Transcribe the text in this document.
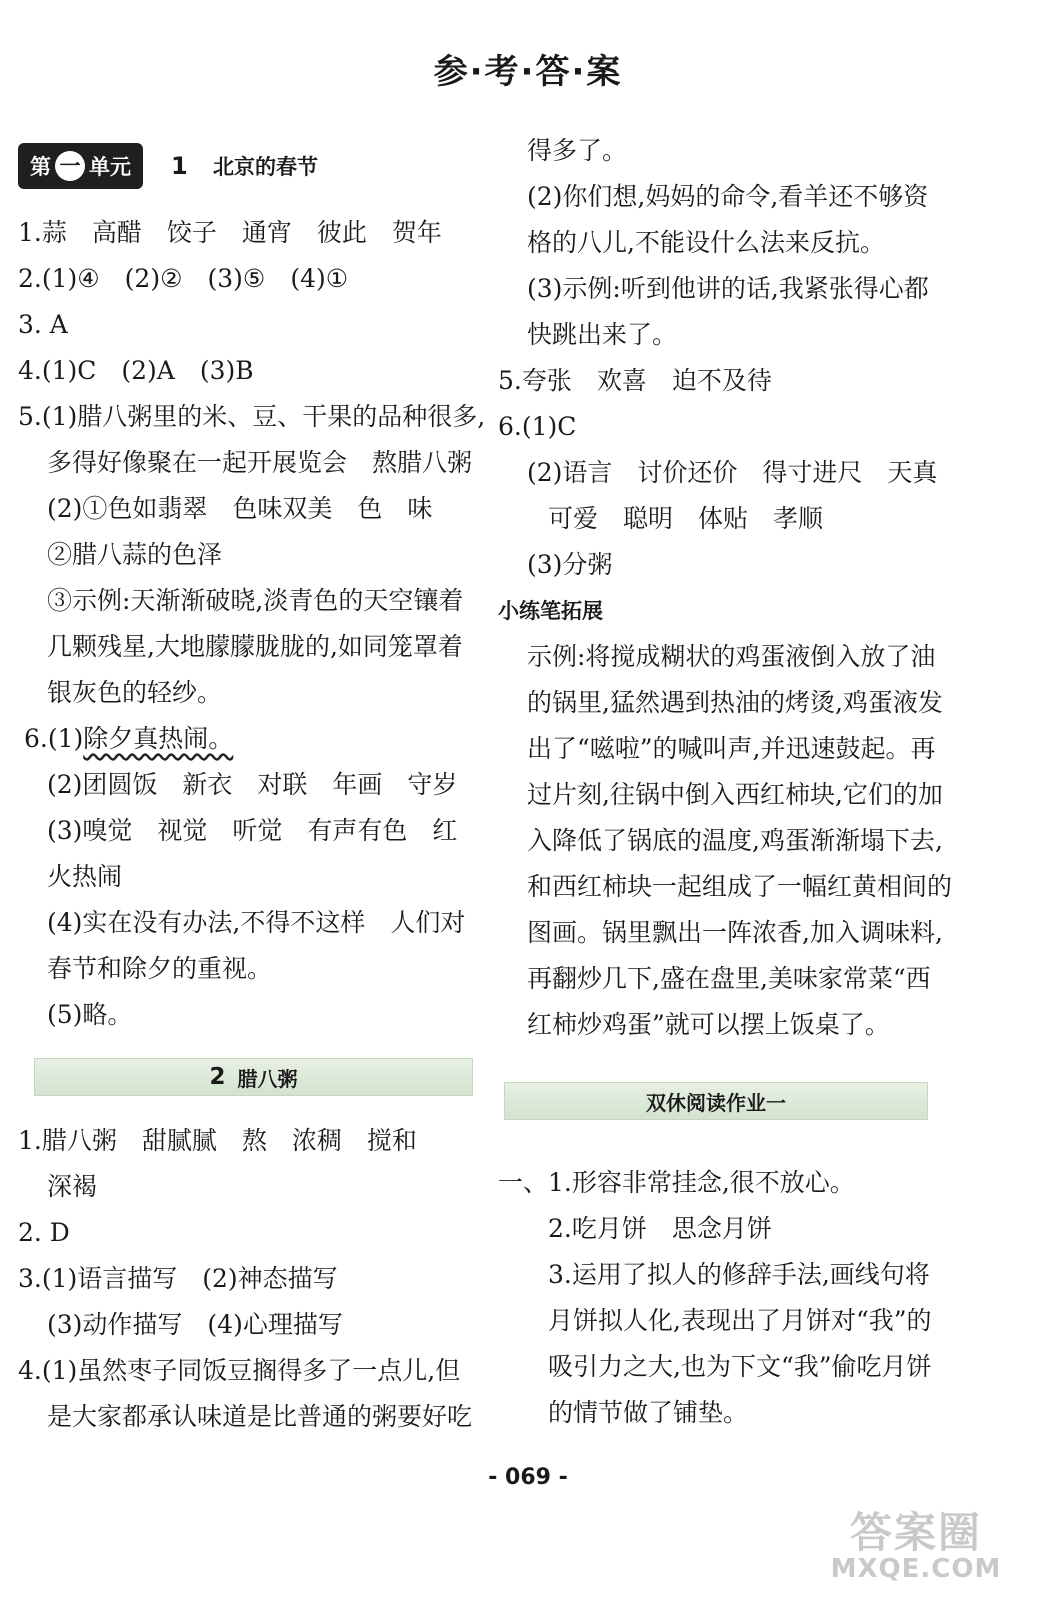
参·考·答·案
第 一 单元 1 北京的春节
1.蒜　高醋　饺子　通宵　彼此　贺年
2.(1)④　(2)②　(3)⑤　(4)①
3. A
4.(1)C　(2)A　(3)B
5.(1)腊八粥里的米、豆、干果的品种很多,
多得好像聚在一起开展览会　熬腊八粥
(2)①色如翡翠　色味双美　色　味
②腊八蒜的色泽
③示例:天渐渐破晓,淡青色的天空镶着
几颗残星,大地朦朦胧胧的,如同笼罩着
银灰色的轻纱。
6.(1)除夕真热闹。
(2)团圆饭　新衣　对联　年画　守岁
(3)嗅觉　视觉　听觉　有声有色　红
火热闹
(4)实在没有办法,不得不这样　人们对
春节和除夕的重视。
(5)略。
2 腊八粥
1.腊八粥　甜腻腻　熬　浓稠　搅和
深褐
2. D
3.(1)语言描写　(2)神态描写
(3)动作描写　(4)心理描写
4.(1)虽然枣子同饭豆搁得多了一点儿,但
是大家都承认味道是比普通的粥要好吃
得多了。
(2)你们想,妈妈的命令,看羊还不够资
格的八儿,不能设什么法来反抗。
(3)示例:听到他讲的话,我紧张得心都
快跳出来了。
5.夸张　欢喜　迫不及待
6.(1)C
(2)语言　讨价还价　得寸进尺　天真
可爱　聪明　体贴　孝顺
(3)分粥
小练笔拓展
示例:将搅成糊状的鸡蛋液倒入放了油
的锅里,猛然遇到热油的烤烫,鸡蛋液发
出了“嗞啦”的喊叫声,并迅速鼓起。再
过片刻,往锅中倒入西红柿块,它们的加
入降低了锅底的温度,鸡蛋渐渐塌下去,
和西红柿块一起组成了一幅红黄相间的
图画。锅里飘出一阵浓香,加入调味料,
再翻炒几下,盛在盘里,美味家常菜“西
红柿炒鸡蛋”就可以摆上饭桌了。
双休阅读作业一
一、1.形容非常挂念,很不放心。
2.吃月饼　思念月饼
3.运用了拟人的修辞手法,画线句将
月饼拟人化,表现出了月饼对“我”的
吸引力之大,也为下文“我”偷吃月饼
的情节做了铺垫。
- 069 -
答案圈
MXQE.COM
